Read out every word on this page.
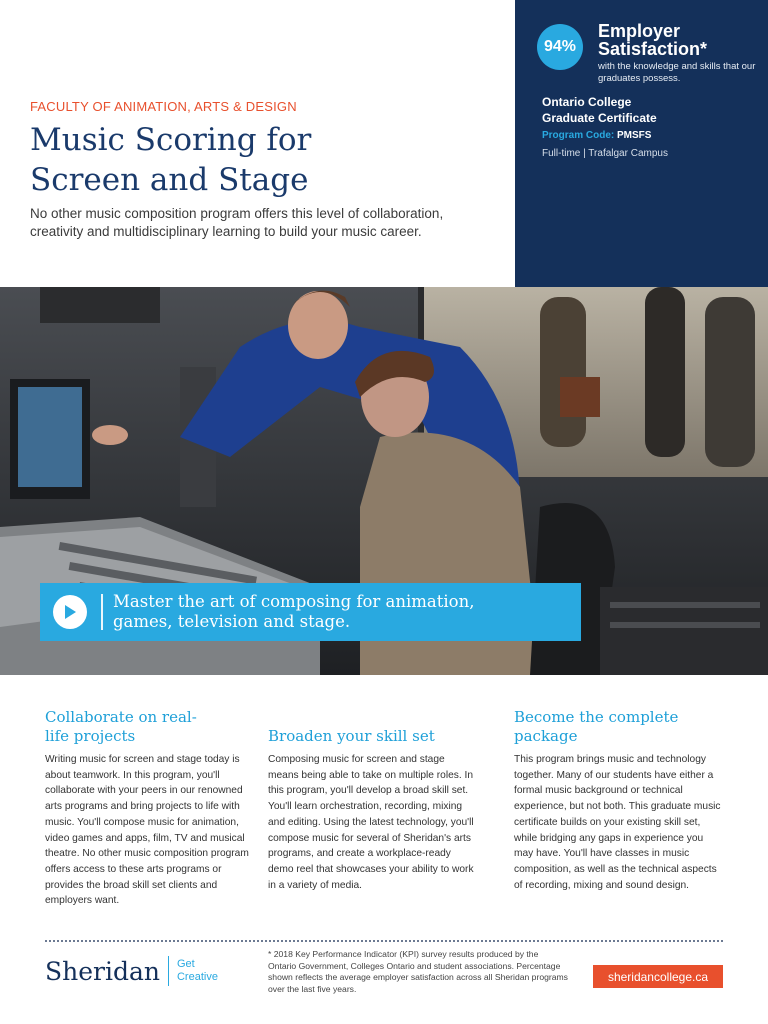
FACULTY OF ANIMATION, ARTS & DESIGN
Music Scoring for
Screen and Stage
No other music composition program offers this level of collaboration, creativity and multidisciplinary learning to build your music career.
94%
Employer
Satisfaction*
with the knowledge and skills that our graduates possess.
Ontario College
Graduate Certificate
Program Code: PMSFS
Full-time | Trafalgar Campus
Master the art of composing for animation,
games, television and stage.
Collaborate on real-
life projects

Writing music for screen and stage today is about teamwork. In this program, you'll collaborate with your peers in our renowned arts programs and bring projects to life with music. You'll compose music for animation, video games and apps, film, TV and musical theatre. No other music composition program offers access to these arts programs or provides the broad skill set clients and employers want.

Broaden your skill set

Composing music for screen and stage means being able to take on multiple roles. In this program, you'll develop a broad skill set. You'll learn orchestration, recording, mixing and editing. Using the latest technology, you'll compose music for several of Sheridan's arts programs, and create a workplace-ready demo reel that showcases your ability to work in a variety of media.

Become the complete
package

This program brings music and technology together. Many of our students have either a formal music background or technical experience, but not both. This graduate music certificate builds on your existing skill set, while bridging any gaps in experience you may have. You'll have classes in music composition, as well as the technical aspects of recording, mixing and sound design.

Sheridan Get
Creative
* 2018 Key Performance Indicator (KPI) survey results produced by the Ontario Government, Colleges Ontario and student associations. Percentage shown reflects the average employer satisfaction across all Sheridan programs over the last five years.
sheridancollege.ca
